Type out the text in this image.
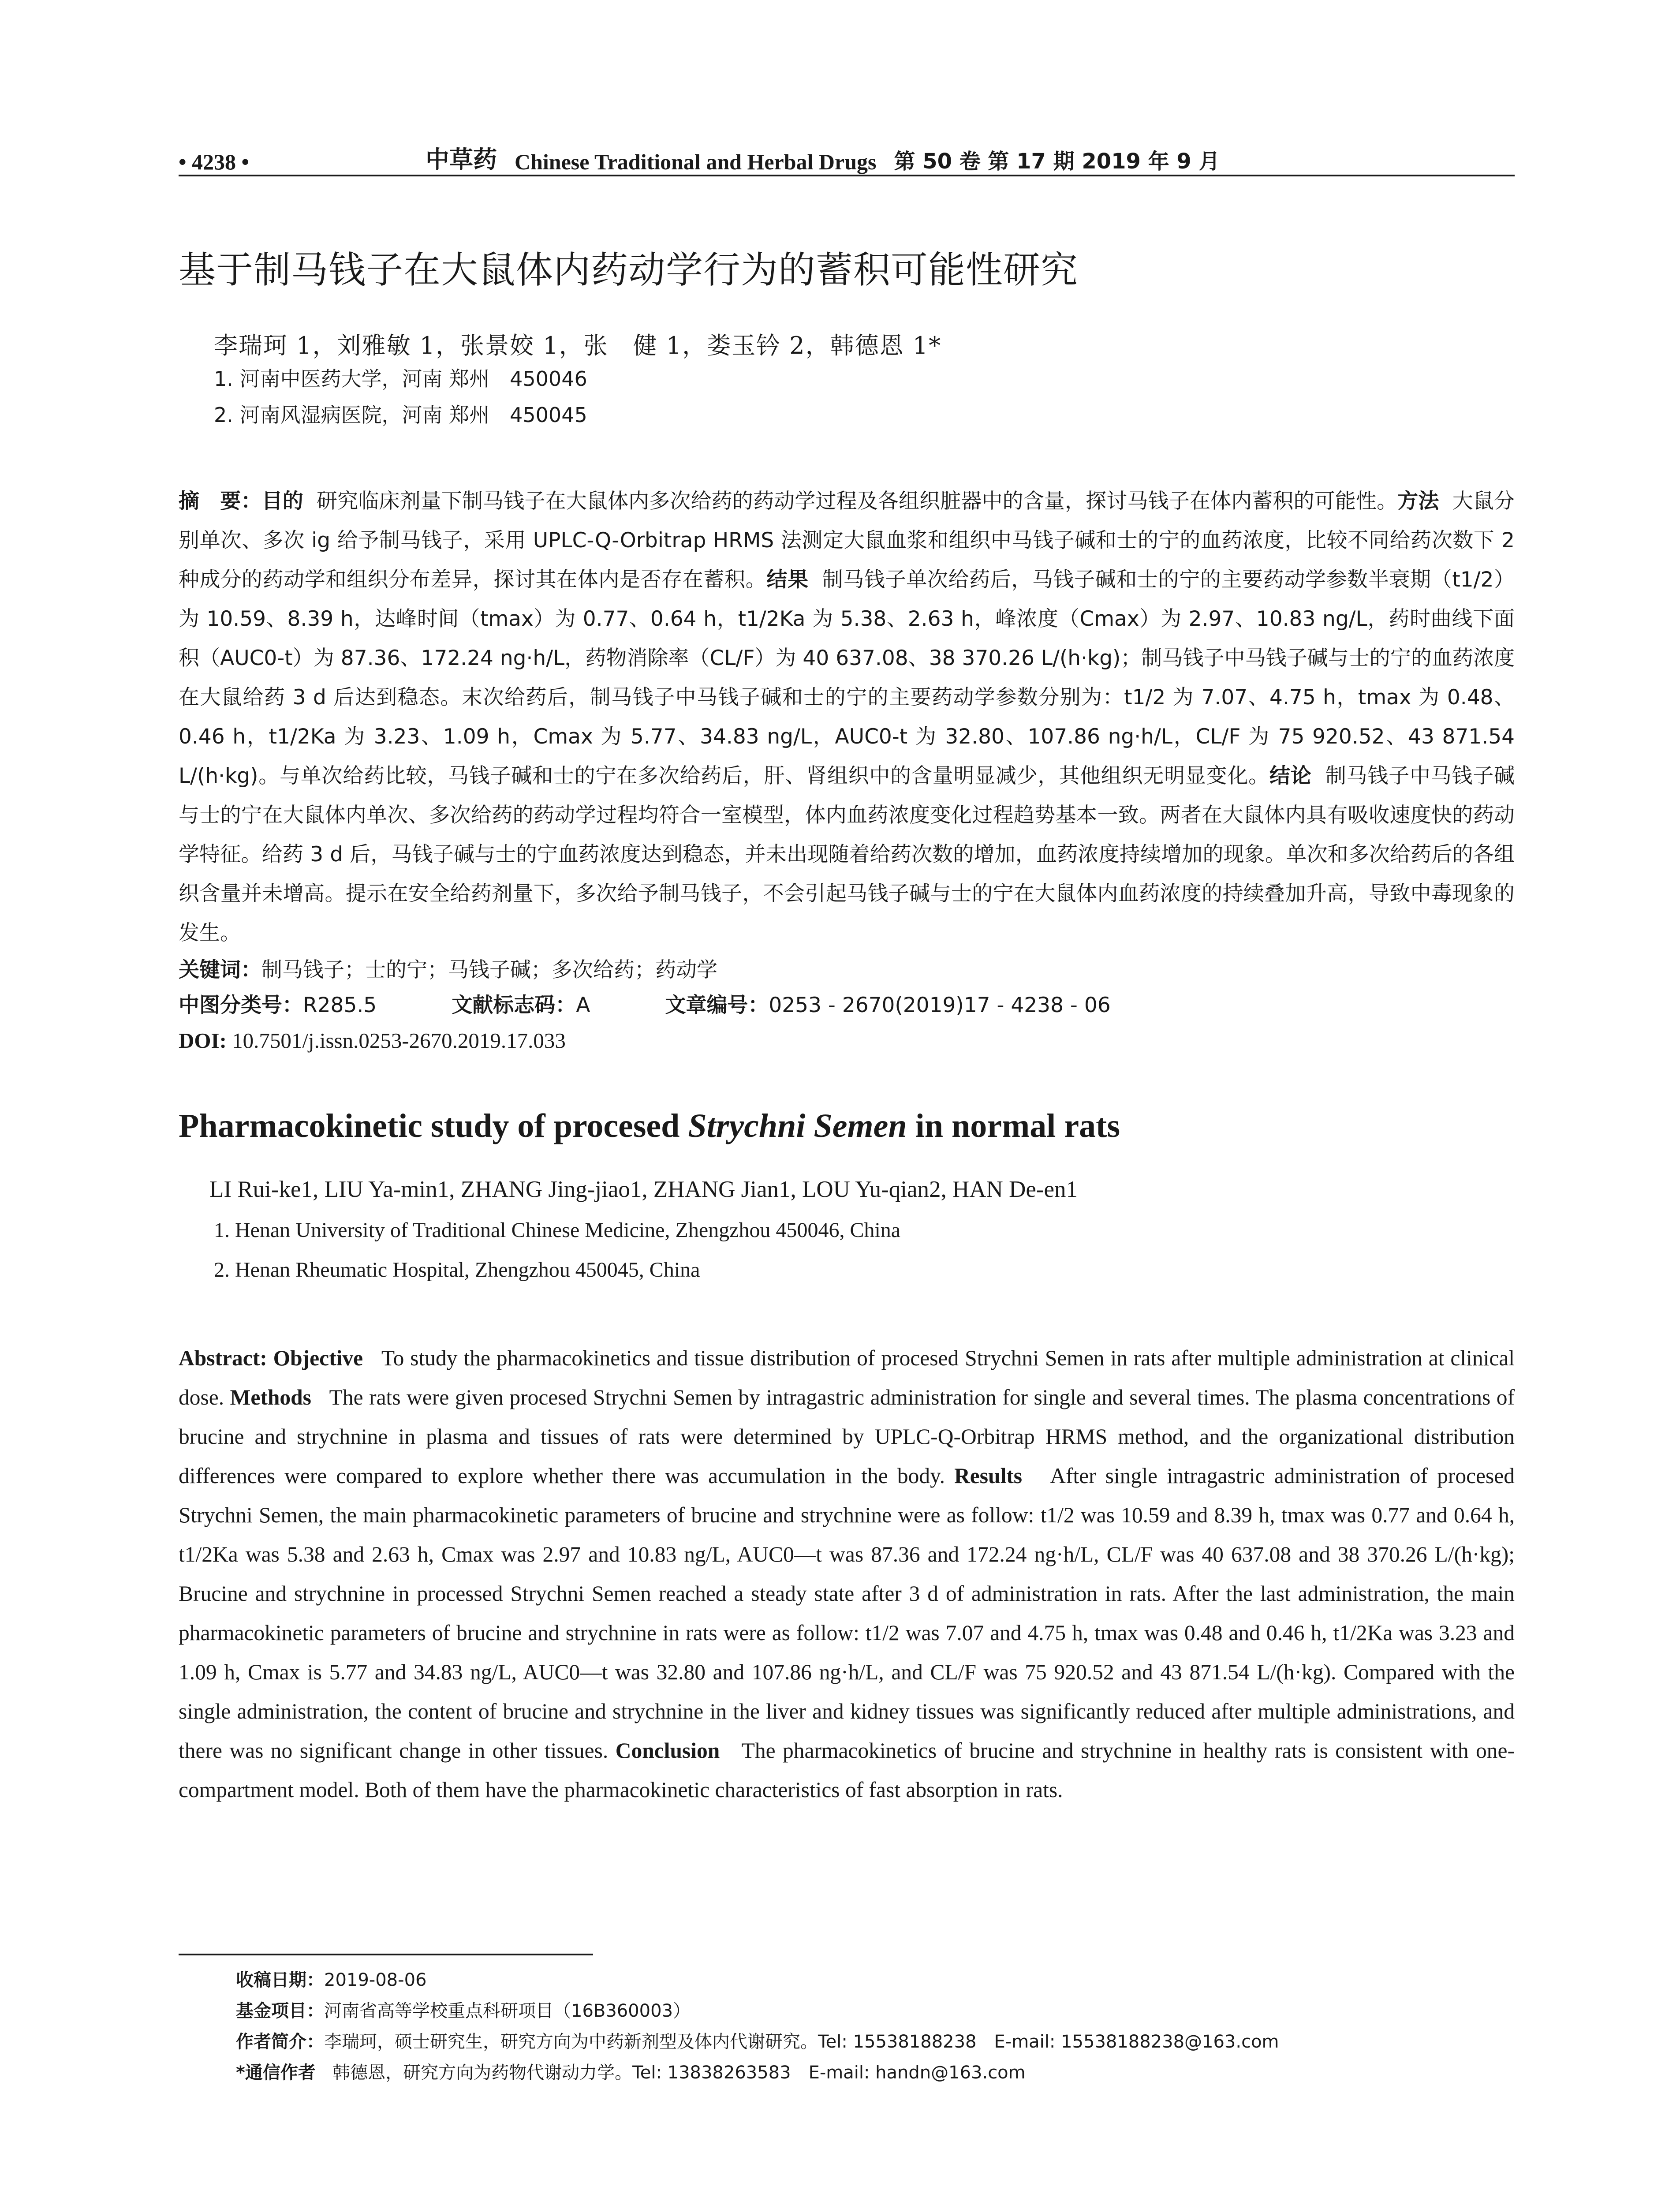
• 4238 •	中草药 Chinese Traditional and Herbal Drugs 第 50 卷 第 17 期 2019 年 9 月
基于制马钱子在大鼠体内药动学行为的蓄积可能性研究
李瑞珂 1，刘雅敏 1，张景姣 1，张　健 1，娄玉钤 2，韩德恩 1*
1. 河南中医药大学，河南 郑州　450046
2. 河南风湿病医院，河南 郑州　450045
摘　要：目的 研究临床剂量下制马钱子在大鼠体内多次给药的药动学过程及各组织脏器中的含量，探讨马钱子在体内蓄积的可能性。方法 大鼠分别单次、多次 ig 给予制马钱子，采用 UPLC-Q-Orbitrap HRMS 法测定大鼠血浆和组织中马钱子碱和士的宁的血药浓度，比较不同给药次数下 2 种成分的药动学和组织分布差异，探讨其在体内是否存在蓄积。结果 制马钱子单次给药后，马钱子碱和士的宁的主要药动学参数半衰期（t1/2）为 10.59、8.39 h，达峰时间（tmax）为 0.77、0.64 h，t1/2Ka 为 5.38、2.63 h，峰浓度（Cmax）为 2.97、10.83 ng/L，药时曲线下面积（AUC0-t）为 87.36、172.24 ng·h/L，药物消除率（CL/F）为 40 637.08、38 370.26 L/(h·kg)；制马钱子中马钱子碱与士的宁的血药浓度在大鼠给药 3 d 后达到稳态。末次给药后，制马钱子中马钱子碱和士的宁的主要药动学参数分别为：t1/2 为 7.07、4.75 h，tmax 为 0.48、0.46 h，t1/2Ka 为 3.23、1.09 h，Cmax 为 5.77、34.83 ng/L，AUC0-t 为 32.80、107.86 ng·h/L，CL/F 为 75 920.52、43 871.54 L/(h·kg)。与单次给药比较，马钱子碱和士的宁在多次给药后，肝、肾组织中的含量明显减少，其他组织无明显变化。结论 制马钱子中马钱子碱与士的宁在大鼠体内单次、多次给药的药动学过程均符合一室模型，体内血药浓度变化过程趋势基本一致。两者在大鼠体内具有吸收速度快的药动学特征。给药 3 d 后，马钱子碱与士的宁血药浓度达到稳态，并未出现随着给药次数的增加，血药浓度持续增加的现象。单次和多次给药后的各组织含量并未增高。提示在安全给药剂量下，多次给予制马钱子，不会引起马钱子碱与士的宁在大鼠体内血药浓度的持续叠加升高，导致中毒现象的发生。
关键词：制马钱子；士的宁；马钱子碱；多次给药；药动学
中图分类号：R285.5	文献标志码：A	文章编号：0253 - 2670(2019)17 - 4238 - 06
DOI: 10.7501/j.issn.0253-2670.2019.17.033
Pharmacokinetic study of procesed Strychni Semen in normal rats
LI Rui-ke1, LIU Ya-min1, ZHANG Jing-jiao1, ZHANG Jian1, LOU Yu-qian2, HAN De-en1
1. Henan University of Traditional Chinese Medicine, Zhengzhou 450046, China
2. Henan Rheumatic Hospital, Zhengzhou 450045, China
Abstract: Objective To study the pharmacokinetics and tissue distribution of procesed Strychni Semen in rats after multiple administration at clinical dose. Methods The rats were given procesed Strychni Semen by intragastric administration for single and several times. The plasma concentrations of brucine and strychnine in plasma and tissues of rats were determined by UPLC-Q-Orbitrap HRMS method, and the organizational distribution differences were compared to explore whether there was accumulation in the body. Results After single intragastric administration of procesed Strychni Semen, the main pharmacokinetic parameters of brucine and strychnine were as follow: t1/2 was 10.59 and 8.39 h, tmax was 0.77 and 0.64 h, t1/2Ka was 5.38 and 2.63 h, Cmax was 2.97 and 10.83 ng/L, AUC0—t was 87.36 and 172.24 ng·h/L, CL/F was 40 637.08 and 38 370.26 L/(h·kg); Brucine and strychnine in processed Strychni Semen reached a steady state after 3 d of administration in rats. After the last administration, the main pharmacokinetic parameters of brucine and strychnine in rats were as follow: t1/2 was 7.07 and 4.75 h, tmax was 0.48 and 0.46 h, t1/2Ka was 3.23 and 1.09 h, Cmax is 5.77 and 34.83 ng/L, AUC0—t was 32.80 and 107.86 ng·h/L, and CL/F was 75 920.52 and 43 871.54 L/(h·kg). Compared with the single administration, the content of brucine and strychnine in the liver and kidney tissues was significantly reduced after multiple administrations, and there was no significant change in other tissues. Conclusion The pharmacokinetics of brucine and strychnine in healthy rats is consistent with one-compartment model. Both of them have the pharmacokinetic characteristics of fast absorption in rats.
收稿日期：2019-08-06
基金项目：河南省高等学校重点科研项目（16B360003）
作者简介：李瑞珂，硕士研究生，研究方向为中药新剂型及体内代谢研究。Tel: 15538188238　E-mail: 15538188238@163.com
*通信作者 韩德恩，研究方向为药物代谢动力学。Tel: 13838263583　E-mail: handn@163.com
